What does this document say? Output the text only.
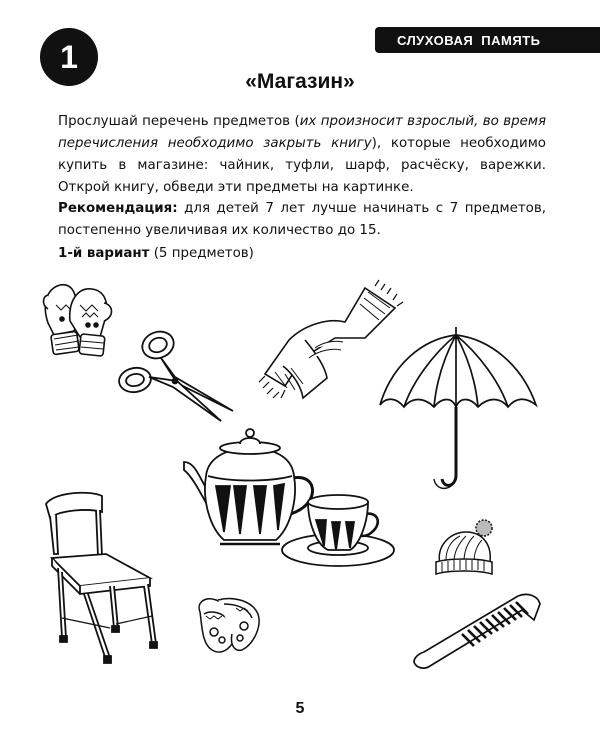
1	СЛУХОВАЯ ПАМЯТЬ
«Магазин»
Прослушай перечень предметов (их произносит взрослый, во время перечисления необходимо закрыть книгу), которые необходимо купить в магазине: чайник, туфли, шарф, расчёску, варежки. Открой книгу, обведи эти предметы на картинке.
Рекомендация: для детей 7 лет лучше начинать с 7 предметов, постепенно увеличивая их количество до 15.
1-й вариант (5 предметов)
5
